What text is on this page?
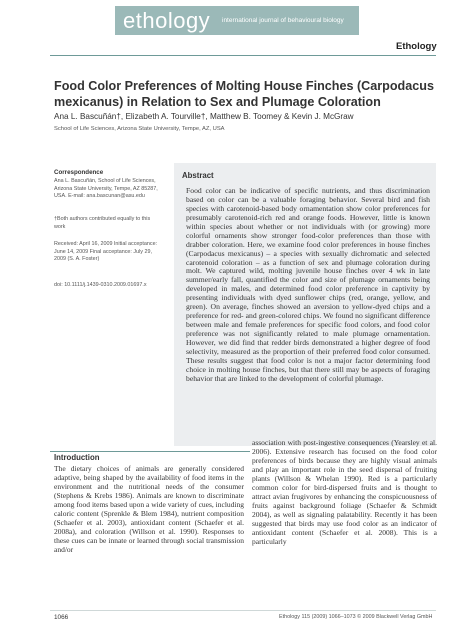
ethology international journal of behavioural biology
Ethology
Food Color Preferences of Molting House Finches (Carpodacus mexicanus) in Relation to Sex and Plumage Coloration
Ana L. Bascuñán†, Elizabeth A. Tourville†, Matthew B. Toomey & Kevin J. McGraw
School of Life Sciences, Arizona State University, Tempe, AZ, USA
Correspondence
Ana L. Bascuñán, School of Life Sciences, Arizona State University, Tempe, AZ 85287, USA. E-mail: ana.bascunan@asu.edu
†Both authors contributed equally to this work
Received: April 16, 2009 Initial acceptance: June 14, 2009 Final acceptance: July 29, 2009 (S. A. Foster)
doi: 10.1111/j.1439-0310.2009.01697.x
Abstract
Food color can be indicative of specific nutrients, and thus discrimination based on color can be a valuable foraging behavior. Several bird and fish species with carotenoid-based body ornamentation show color preferences for presumably carotenoid-rich red and orange foods. However, little is known within species about whether or not individuals with (or growing) more colorful ornaments show stronger food-color preferences than those with drabber coloration. Here, we examine food color preferences in house finches (Carpodacus mexicanus) – a species with sexually dichromatic and selected carotenoid coloration – as a function of sex and plumage coloration during molt. We captured wild, molting juvenile house finches over 4 wk in late summer/early fall, quantified the color and size of plumage ornaments being developed in males, and determined food color preference in captivity by presenting individuals with dyed sunflower chips (red, orange, yellow, and green). On average, finches showed an aversion to yellow-dyed chips and a preference for red- and green-colored chips. We found no significant difference between male and female preferences for specific food colors, and food color preference was not significantly related to male plumage ornamentation. However, we did find that redder birds demonstrated a higher degree of food selectivity, measured as the proportion of their preferred food color consumed. These results suggest that food color is not a major factor determining food choice in molting house finches, but that there still may be aspects of foraging behavior that are linked to the development of colorful plumage.
Introduction
The dietary choices of animals are generally considered adaptive, being shaped by the availability of food items in the environment and the nutritional needs of the consumer (Stephens & Krebs 1986). Animals are known to discriminate among food items based upon a wide variety of cues, including caloric content (Sprenkle & Blem 1984), nutrient composition (Schaefer et al. 2003), antioxidant content (Schaefer et al. 2008a), and coloration (Willson et al. 1990). Responses to these cues can be innate or learned through social transmission and/or
association with post-ingestive consequences (Yearsley et al. 2006). Extensive research has focused on the food color preferences of birds because they are highly visual animals and play an important role in the seed dispersal of fruiting plants (Willson & Whelan 1990). Red is a particularly common color for bird-dispersed fruits and is thought to attract avian frugivores by enhancing the conspicuousness of fruits against background foliage (Schaefer & Schmidt 2004), as well as signaling palatability. Recently it has been suggested that birds may use food color as an indicator of antioxidant content (Schaefer et al. 2008). This is a particularly
1066	Ethology 115 (2009) 1066–1073 © 2009 Blackwell Verlag GmbH
